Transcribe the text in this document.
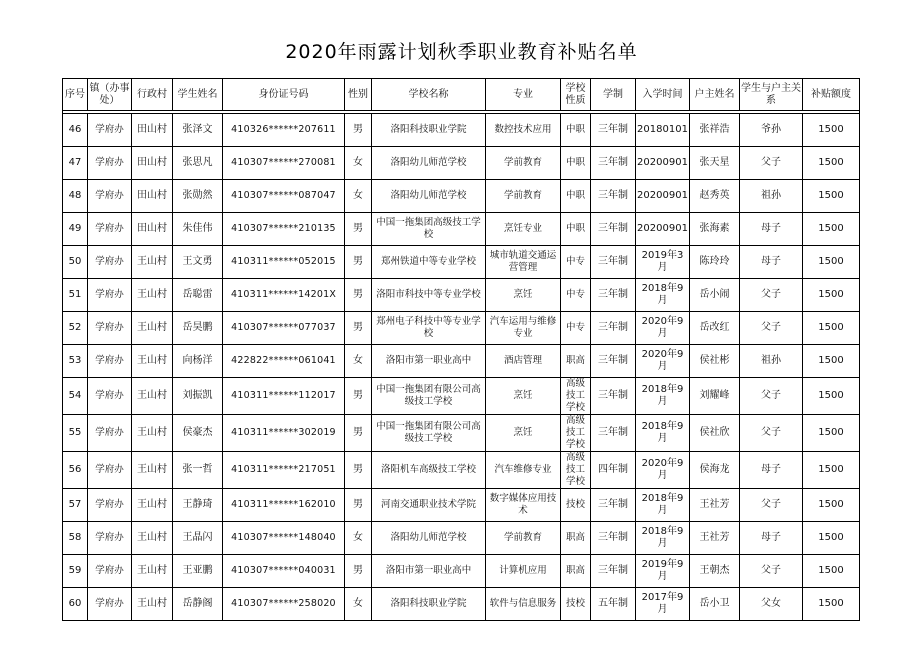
2020年雨露计划秋季职业教育补贴名单
序号	镇（办事处）	行政村	学生姓名	身份证号码	性别	学校名称	专业	学校性质	学制	入学时间	户主姓名	学生与户主关系	补贴额度

46	学府办	田山村	张泽文	410326******207611	男	洛阳科技职业学院	数控技术应用	中职	三年制	20180101	张祥浩	爷孙	1500
47	学府办	田山村	张思凡	410307******270081	女	洛阳幼儿师范学校	学前教育	中职	三年制	20200901	张天星	父子	1500
48	学府办	田山村	张勋然	410307******087047	女	洛阳幼儿师范学校	学前教育	中职	三年制	20200901	赵秀英	祖孙	1500
49	学府办	田山村	朱佳伟	410307******210135	男	中国一拖集团高级技工学校	烹饪专业	中职	三年制	20200901	张海素	母子	1500
50	学府办	王山村	王文勇	410311******052015	男	郑州铁道中等专业学校	城市轨道交通运营管理	中专	三年制	2019年3月	陈玲玲	母子	1500
51	学府办	王山村	岳聪雷	410311******14201X	男	洛阳市科技中等专业学校	烹饪	中专	三年制	2018年9月	岳小闹	父子	1500
52	学府办	王山村	岳昊鹏	410307******077037	男	郑州电子科技中等专业学校	汽车运用与维修专业	中专	三年制	2020年9月	岳改红	父子	1500
53	学府办	王山村	向杨洋	422822******061041	女	洛阳市第一职业高中	酒店管理	职高	三年制	2020年9月	侯社彬	祖孙	1500
54	学府办	王山村	刘振凯	410311******112017	男	中国一拖集团有限公司高级技工学校	烹饪	高级技工学校	三年制	2018年9月	刘耀峰	父子	1500
55	学府办	王山村	侯豪杰	410311******302019	男	中国一拖集团有限公司高级技工学校	烹饪	高级技工学校	三年制	2018年9月	侯社欣	父子	1500
56	学府办	王山村	张一哲	410311******217051	男	洛阳机车高级技工学校	汽车维修专业	高级技工学校	四年制	2020年9月	侯海龙	母子	1500
57	学府办	王山村	王静琦	410311******162010	男	河南交通职业技术学院	数字媒体应用技术	技校	三年制	2018年9月	王社芳	父子	1500
58	学府办	王山村	王晶闪	410307******148040	女	洛阳幼儿师范学校	学前教育	职高	三年制	2018年9月	王社芳	母子	1500
59	学府办	王山村	王亚鹏	410307******040031	男	洛阳市第一职业高中	计算机应用	职高	三年制	2019年9月	王朝杰	父子	1500
60	学府办	王山村	岳静阁	410307******258020	女	洛阳科技职业学院	软件与信息服务	技校	五年制	2017年9月	岳小卫	父女	1500
